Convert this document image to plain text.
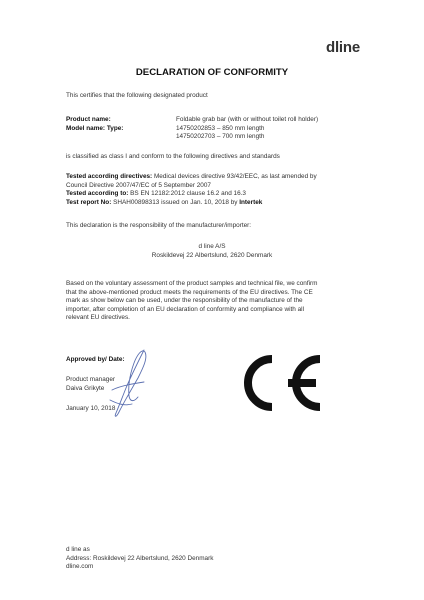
dline
DECLARATION OF CONFORMITY
This certifies that the following designated product
Product name:
Model name: Type:
Foldable grab bar (with or without toilet roll holder)
14750202853 – 850 mm length
14750202703 – 700 mm length
is classified as class I and conform to the following directives and standards
Tested according directives: Medical devices directive 93/42/EEC, as last amended by
Council Directive 2007/47/EC of 5 September 2007
Tested according to: BS EN 12182:2012 clause 16.2 and 16.3
Test report No: SHAH00898313 issued on Jan. 10, 2018 by Intertek
This declaration is the responsibility of the manufacturer/importer:
d line A/S
Roskildevej 22 Albertslund, 2620 Denmark
Based on the voluntary assessment of the product samples and technical file, we confirm
that the above-mentioned product meets the requirements of the EU directives. The CE
mark as show below can be used, under the responsibility of the manufacture of the
importer, after completion of an EU declaration of conformity and compliance with all
relevant EU directives.
Approved by/ Date:
Product manager
Daiva Grikyte
January 10, 2018
d line as
Address: Roskildevej 22 Albertslund, 2620 Denmark
dline.com
